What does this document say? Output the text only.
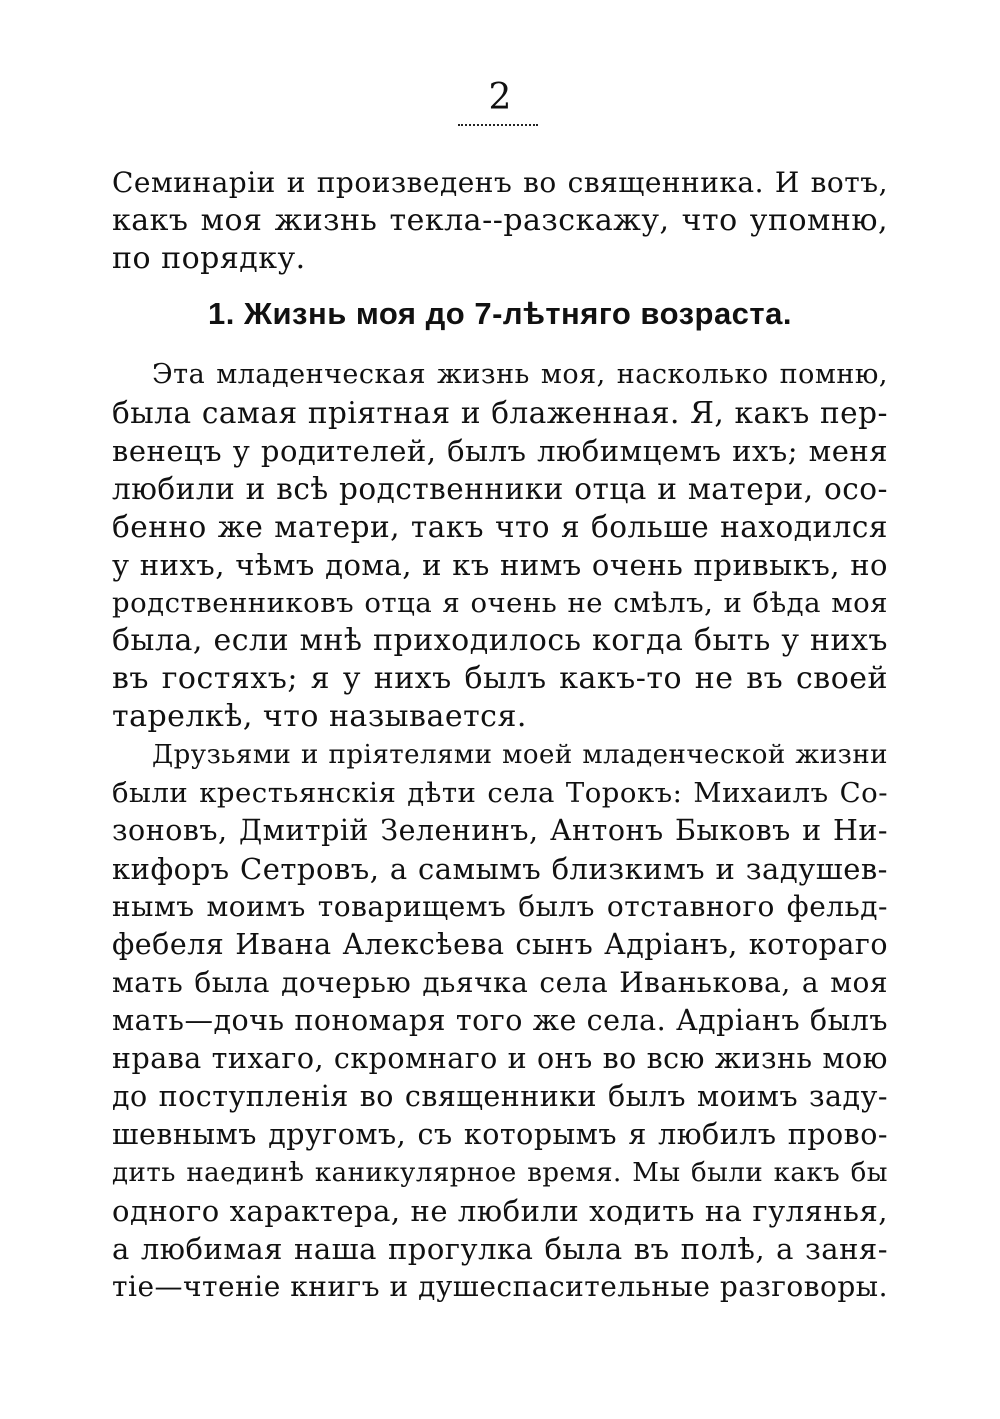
2
Семинаріи и произведенъ во священника. И вотъ,
какъ моя жизнь текла--разскажу, что упомню,
по порядку.
1. Жизнь моя до 7-лѣтняго возраста.
Эта младенческая жизнь моя, насколько помню,
была самая пріятная и блаженная. Я, какъ пер-
венецъ у родителей, былъ любимцемъ ихъ; меня
любили и всѣ родственники отца и матери, осо-
бенно же матери, такъ что я больше находился
у нихъ, чѣмъ дома, и къ нимъ очень привыкъ, но
родственниковъ отца я очень не смѣлъ, и бѣда моя
была, если мнѣ приходилось когда быть у нихъ
въ гостяхъ; я у нихъ былъ какъ-то не въ своей
тарелкѣ, что называется.
Друзьями и пріятелями моей младенческой жизни
были крестьянскія дѣти села Торокъ: Михаилъ Со-
зоновъ, Дмитрій Зеленинъ, Антонъ Быковъ и Ни-
кифоръ Сетровъ, а самымъ близкимъ и задушев-
нымъ моимъ товарищемъ былъ отставного фельд-
фебеля Ивана Алексѣева сынъ Адріанъ, котораго
мать была дочерью дьячка села Иванькова, а моя
мать—дочь пономаря того же села. Адріанъ былъ
нрава тихаго, скромнаго и онъ во всю жизнь мою
до поступленія во священники былъ моимъ заду-
шевнымъ другомъ, съ которымъ я любилъ прово-
дить наединѣ каникулярное время. Мы были какъ бы
одного характера, не любили ходить на гулянья,
а любимая наша прогулка была въ полѣ, а заня-
тіе—чтеніе книгъ и душеспасительные разговоры.
